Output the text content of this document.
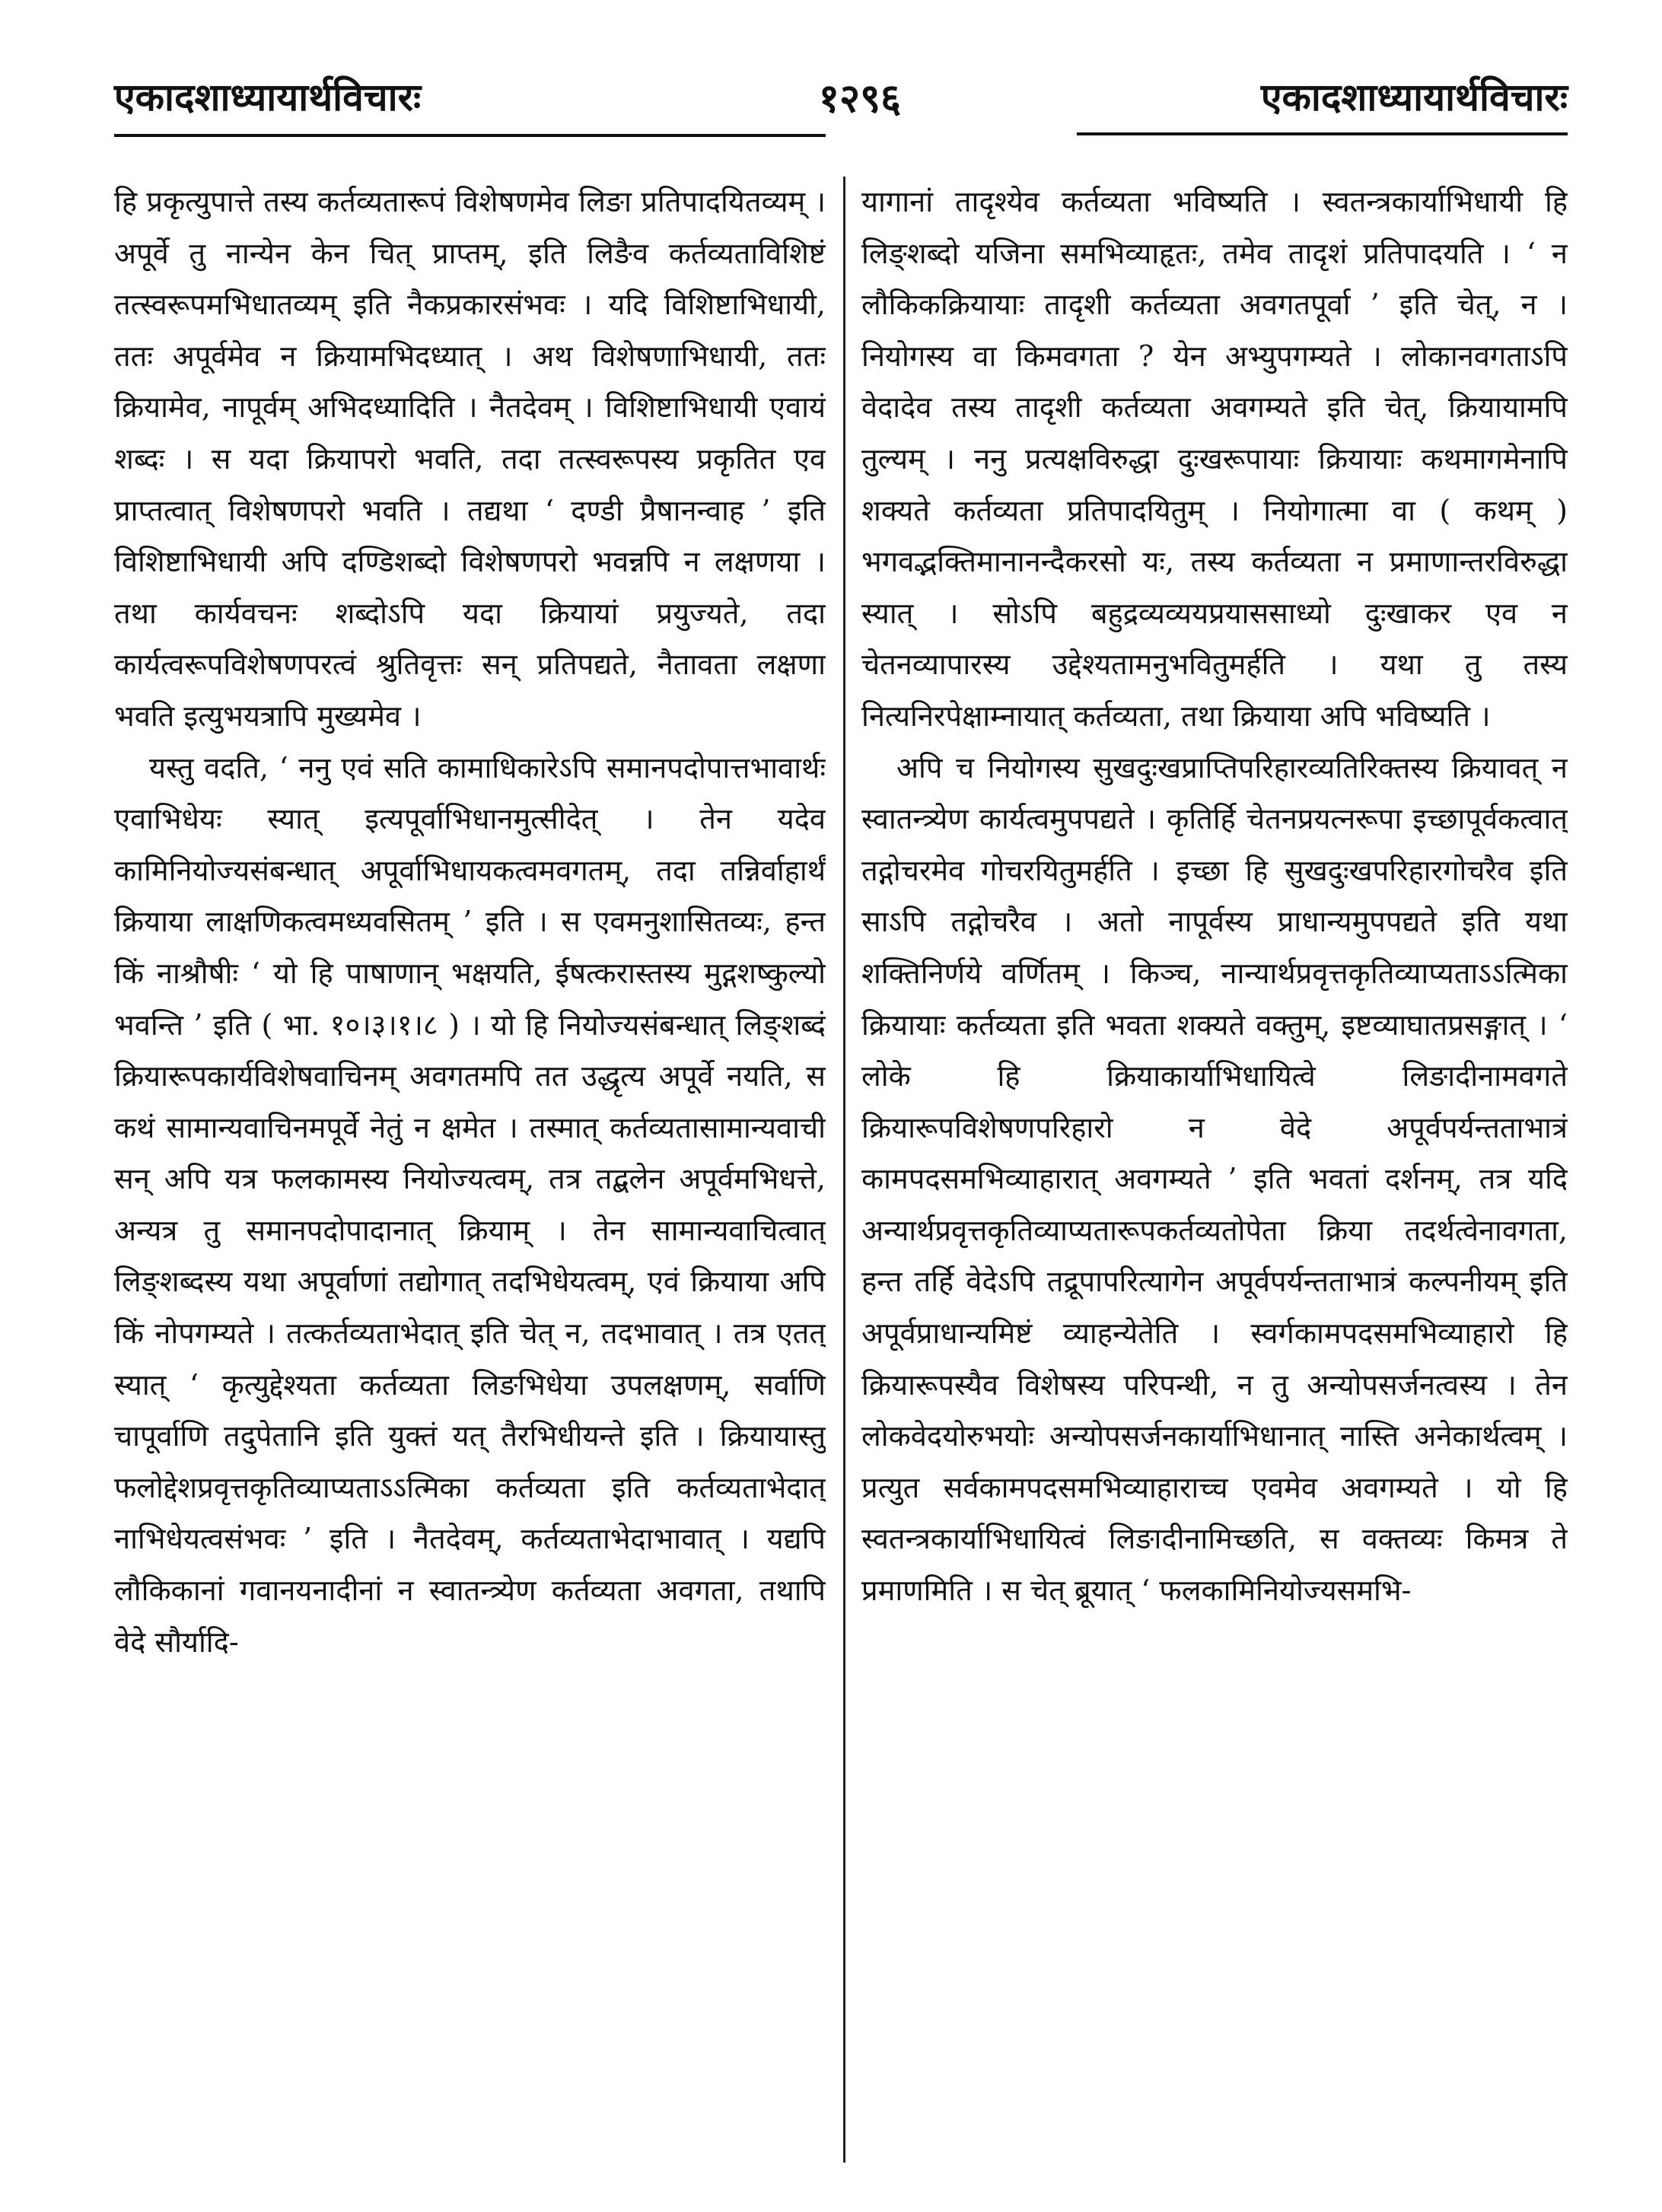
एकादशाध्यायार्थविचारः	१२९६	एकादशाध्यायार्थविचारः

हि प्रकृत्युपात्ते तस्य कर्तव्यतारूपं विशेषणमेव लिङा प्रतिपादयितव्यम् । अपूर्वे तु नान्येन केन चित् प्राप्तम्, इति लिङैव कर्तव्यताविशिष्टं तत्स्वरूपमभिधातव्यम् इति नैकप्रकारसंभवः । यदि विशिष्टाभिधायी, ततः अपूर्वमेव न क्रियामभिदध्यात् । अथ विशेषणाभिधायी, ततः क्रियामेव, नापूर्वम् अभिदध्यादिति । नैतदेवम् । विशिष्टाभिधायी एवायं शब्दः । स यदा क्रियापरो भवति, तदा तत्स्वरूपस्य प्रकृतित एव प्राप्तत्वात् विशेषणपरो भवति । तद्यथा ‘ दण्डी प्रैषानन्वाह ’ इति विशिष्टाभिधायी अपि दण्डिशब्दो विशेषणपरो भवन्नपि न लक्षणया । तथा कार्यवचनः शब्दोऽपि यदा क्रियायां प्रयुज्यते, तदा कार्यत्वरूपविशेषणपरत्वं श्रुतिवृत्तः सन् प्रतिपद्यते, नैतावता लक्षणा भवति इत्युभयत्रापि मुख्यमेव ।

यस्तु वदति, ‘ ननु एवं सति कामाधिकारेऽपि समानपदोपात्तभावार्थः एवाभिधेयः स्यात् इत्यपूर्वाभिधानमुत्सीदेत् । तेन यदेव कामिनियोज्यसंबन्धात् अपूर्वाभिधायकत्वमवगतम्, तदा तन्निर्वाहार्थं क्रियाया लाक्षणिकत्वमध्यवसितम् ’ इति । स एवमनुशासितव्यः, हन्त किं नाश्रौषीः ‘ यो हि पाषाणान् भक्षयति, ईषत्करास्तस्य मुद्गशष्कुल्यो भवन्ति ’ इति ( भा. १०।३।१।८ ) । यो हि नियोज्यसंबन्धात् लिङ्शब्दं क्रियारूपकार्यविशेषवाचिनम् अवगतमपि तत उद्धृत्य अपूर्वे नयति, स कथं सामान्यवाचिनमपूर्वे नेतुं न क्षमेत । तस्मात् कर्तव्यतासामान्यवाची सन् अपि यत्र फलकामस्य नियोज्यत्वम्, तत्र तद्बलेन अपूर्वमभिधत्ते, अन्यत्र तु समानपदोपादानात् क्रियाम् । तेन सामान्यवाचित्वात् लिङ्शब्दस्य यथा अपूर्वाणां तद्योगात् तदभिधेयत्वम्, एवं क्रियाया अपि किं नोपगम्यते । तत्कर्तव्यताभेदात् इति चेत् न, तदभावात् । तत्र एतत् स्यात् ‘ कृत्युद्देश्यता कर्तव्यता लिङभिधेया उपलक्षणम्, सर्वाणि चापूर्वाणि तदुपेतानि इति युक्तं यत् तैरभिधीयन्ते इति । क्रियायास्तु फलोद्देशप्रवृत्तकृतिव्याप्यताऽऽत्मिका कर्तव्यता इति कर्तव्यताभेदात् नाभिधेयत्वसंभवः ’ इति । नैतदेवम्, कर्तव्यताभेदाभावात् । यद्यपि लौकिकानां गवानयनादीनां न स्वातन्त्र्येण कर्तव्यता अवगता, तथापि वेदे सौर्यादि-

यागानां तादृश्येव कर्तव्यता भविष्यति । स्वतन्त्रकार्याभिधायी हि लिङ्शब्दो यजिना समभिव्याहृतः, तमेव तादृशं प्रतिपादयति । ‘ न लौकिकक्रियायाः तादृशी कर्तव्यता अवगतपूर्वा ’ इति चेत्, न । नियोगस्य वा किमवगता ? येन अभ्युपगम्यते । लोकानवगताऽपि वेदादेव तस्य तादृशी कर्तव्यता अवगम्यते इति चेत्, क्रियायामपि तुल्यम् । ननु प्रत्यक्षविरुद्धा दुःखरूपायाः क्रियायाः कथमागमेनापि शक्यते कर्तव्यता प्रतिपादयितुम् । नियोगात्मा वा ( कथम् ) भगवद्भक्तिमानानन्दैकरसो यः, तस्य कर्तव्यता न प्रमाणान्तरविरुद्धा स्यात् । सोऽपि बहुद्रव्यव्ययप्रयाससाध्यो दुःखाकर एव न चेतनव्यापारस्य उद्देश्यतामनुभवितुमर्हति । यथा तु तस्य नित्यनिरपेक्षाम्नायात् कर्तव्यता, तथा क्रियाया अपि भविष्यति ।

अपि च नियोगस्य सुखदुःखप्राप्तिपरिहारव्यतिरिक्तस्य क्रियावत् न स्वातन्त्र्येण कार्यत्वमुपपद्यते । कृतिर्हि चेतनप्रयत्नरूपा इच्छापूर्वकत्वात् तद्गोचरमेव गोचरयितुमर्हति । इच्छा हि सुखदुःखपरिहारगोचरैव इति साऽपि तद्गोचरैव । अतो नापूर्वस्य प्राधान्यमुपपद्यते इति यथा शक्तिनिर्णये वर्णितम् । किञ्च, नान्यार्थप्रवृत्तकृतिव्याप्यताऽऽत्मिका क्रियायाः कर्तव्यता इति भवता शक्यते वक्तुम्, इष्टव्याघातप्रसङ्गात् । ‘ लोके हि क्रियाकार्याभिधायित्वे लिङादीनामवगते क्रियारूपविशेषणपरिहारो न वेदे अपूर्वपर्यन्तताभात्रं कामपदसमभिव्याहारात् अवगम्यते ’ इति भवतां दर्शनम्, तत्र यदि अन्यार्थप्रवृत्तकृतिव्याप्यतारूपकर्तव्यतोपेता क्रिया तदर्थत्वेनावगता, हन्त तर्हि वेदेऽपि तद्रूपापरित्यागेन अपूर्वपर्यन्तताभात्रं कल्पनीयम् इति अपूर्वप्राधान्यमिष्टं व्याहन्येतेति । स्वर्गकामपदसमभिव्याहारो हि क्रियारूपस्यैव विशेषस्य परिपन्थी, न तु अन्योपसर्जनत्वस्य । तेन लोकवेदयोरुभयोः अन्योपसर्जनकार्याभिधानात् नास्ति अनेकार्थत्वम् । प्रत्युत सर्वकामपदसमभिव्याहाराच्च एवमेव अवगम्यते । यो हि स्वतन्त्रकार्याभिधायित्वं लिङादीनामिच्छति, स वक्तव्यः किमत्र ते प्रमाणमिति । स चेत् ब्रूयात् ‘ फलकामिनियोज्यसमभि-
